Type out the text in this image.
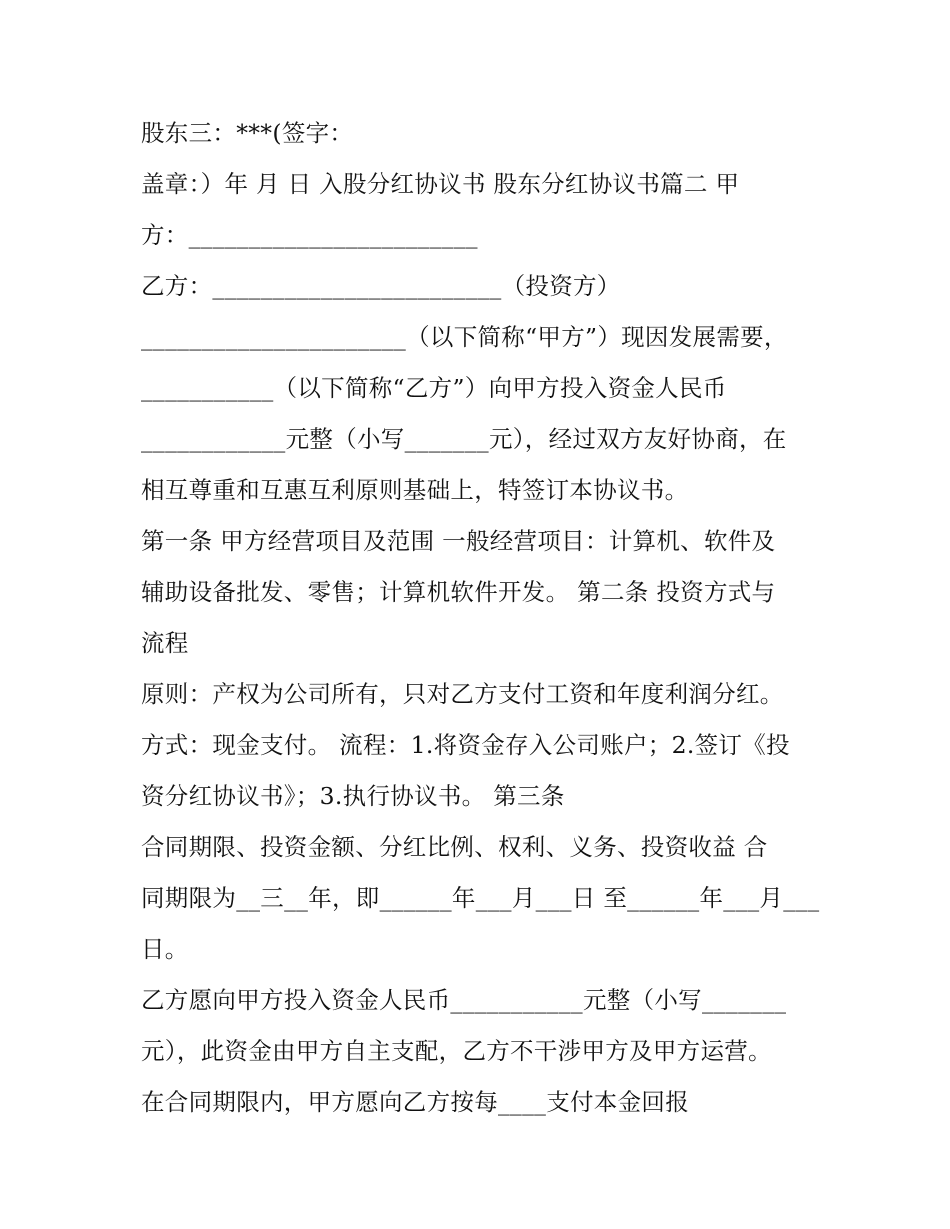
股东三：***(签字：
盖章：）年 月 日 入股分红协议书 股东分红协议书篇二 甲
方：________________________
乙方：________________________（投资方）
______________________（以下简称“甲方”）现因发展需要，
___________（以下简称“乙方”）向甲方投入资金人民币
____________元整（小写_______元），经过双方友好协商，在
相互尊重和互惠互利原则基础上，特签订本协议书。
第一条 甲方经营项目及范围 一般经营项目：计算机、软件及
辅助设备批发、零售；计算机软件开发。 第二条 投资方式与
流程
原则：产权为公司所有，只对乙方支付工资和年度利润分红。
方式：现金支付。 流程：1.将资金存入公司账户；2.签订《投
资分红协议书》；3.执行协议书。 第三条
合同期限、投资金额、分红比例、权利、义务、投资收益 合
同期限为__三__年，即______年___月___日 至______年___月___
日。
乙方愿向甲方投入资金人民币___________元整（小写_______
元），此资金由甲方自主支配，乙方不干涉甲方及甲方运营。
在合同期限内，甲方愿向乙方按每____支付本金回报
